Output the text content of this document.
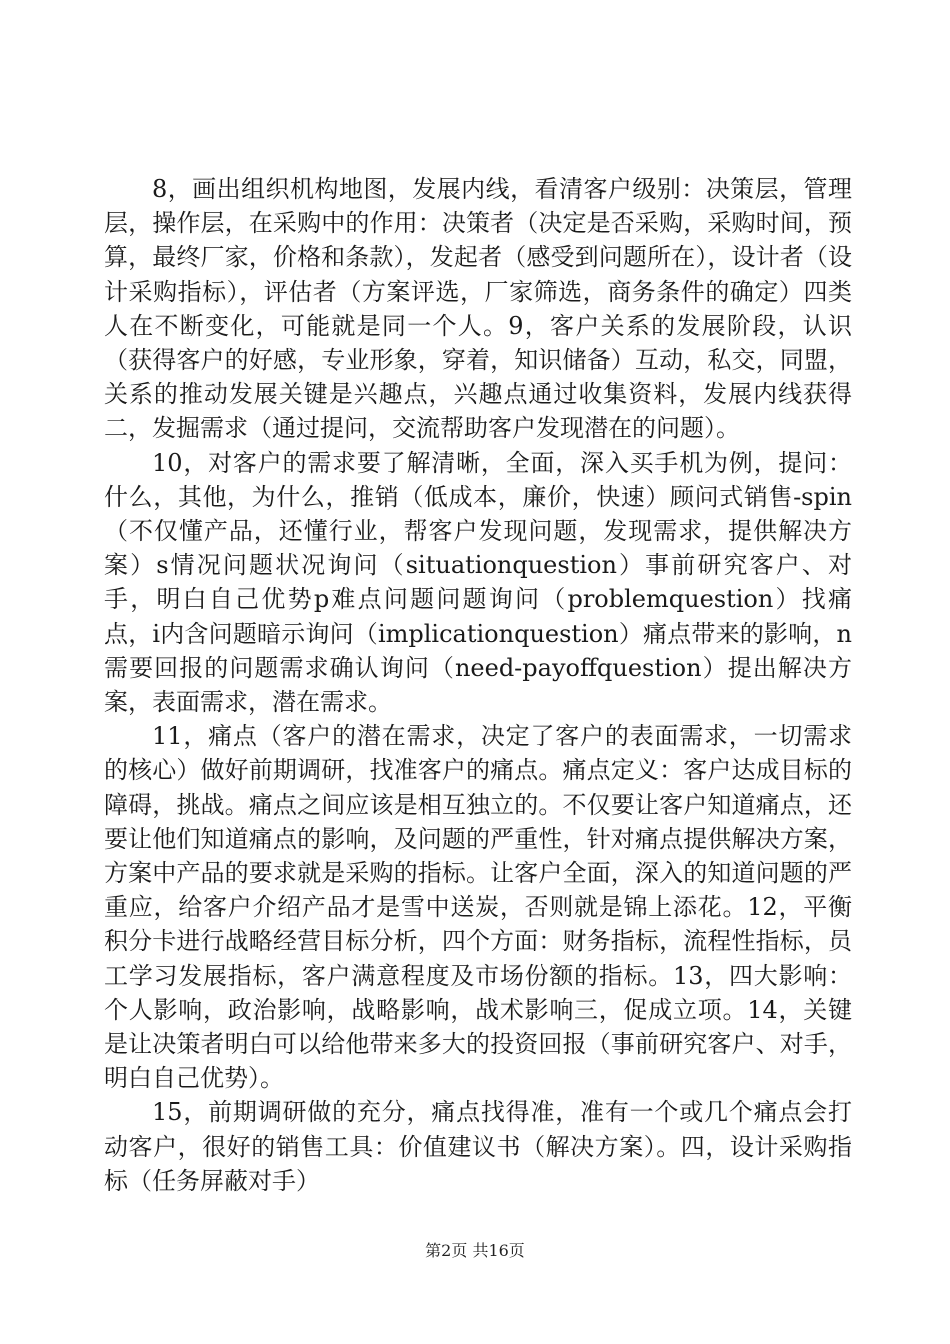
8，画出组织机构地图，发展内线，看清客户级别：决策层，管理层，操作层，在采购中的作用：决策者（决定是否采购，采购时间，预算，最终厂家，价格和条款），发起者（感受到问题所在），设计者（设计采购指标），评估者（方案评选，厂家筛选，商务条件的确定）四类人在不断变化，可能就是同一个人。9，客户关系的发展阶段，认识（获得客户的好感，专业形象，穿着，知识储备）互动，私交，同盟，关系的推动发展关键是兴趣点，兴趣点通过收集资料，发展内线获得二，发掘需求（通过提问，交流帮助客户发现潜在的问题）。

10，对客户的需求要了解清晰，全面，深入买手机为例，提问：什么，其他，为什么，推销（低成本，廉价，快速）顾问式销售-spin（不仅懂产品，还懂行业，帮客户发现问题，发现需求，提供解决方案）s情况问题状况询问（situationquestion）事前研究客户、对手，明白自己优势p难点问题问题询问（problemquestion）找痛点，i内含问题暗示询问（implicationquestion）痛点带来的影响，n需要回报的问题需求确认询问（need-payoffquestion）提出解决方案，表面需求，潜在需求。

11，痛点（客户的潜在需求，决定了客户的表面需求，一切需求的核心）做好前期调研，找准客户的痛点。痛点定义：客户达成目标的障碍，挑战。痛点之间应该是相互独立的。不仅要让客户知道痛点，还要让他们知道痛点的影响，及问题的严重性，针对痛点提供解决方案，方案中产品的要求就是采购的指标。让客户全面，深入的知道问题的严重应，给客户介绍产品才是雪中送炭，否则就是锦上添花。12，平衡积分卡进行战略经营目标分析，四个方面：财务指标，流程性指标，员工学习发展指标，客户满意程度及市场份额的指标。13，四大影响：个人影响，政治影响，战略影响，战术影响三，促成立项。14，关键是让决策者明白可以给他带来多大的投资回报（事前研究客户、对手，明白自己优势）。

15，前期调研做的充分，痛点找得准，准有一个或几个痛点会打动客户，很好的销售工具：价值建议书（解决方案）。四，设计采购指标（任务屏蔽对手）

第2页 共16页
